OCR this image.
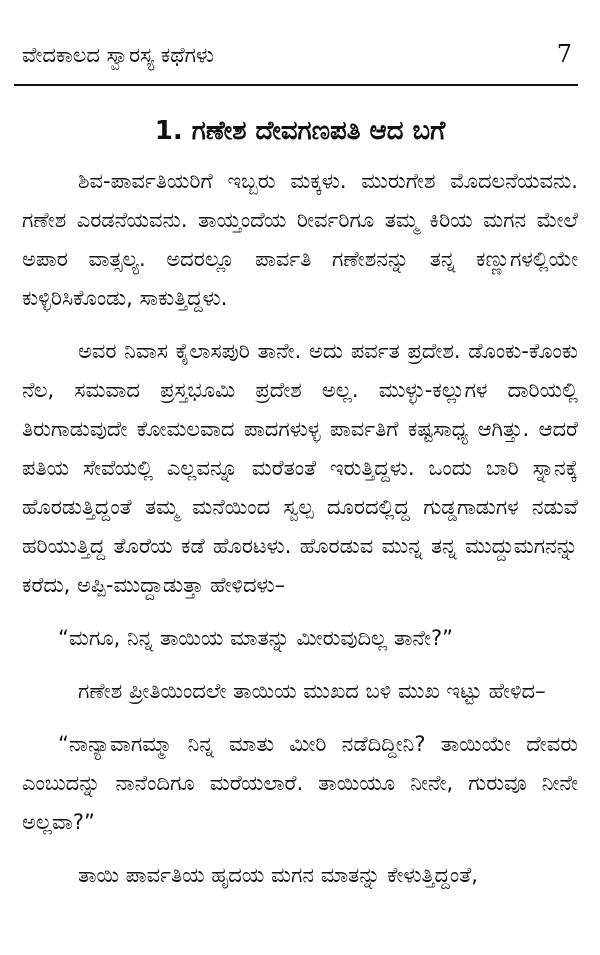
ವೇದಕಾಲದ ಸ್ವಾರಸ್ಯ ಕಥೆಗಳು	7
1. ಗಣೇಶ ದೇವಗಣಪತಿ ಆದ ಬಗೆ

ಶಿವ-ಪಾರ್ವತಿಯರಿಗೆ ಇಬ್ಬರು ಮಕ್ಕಳು. ಮುರುಗೇಶ ಮೊದಲನೆಯವನು. ಗಣೇಶ ಎರಡನೆಯವನು. ತಾಯ್ತಂದೆಯ ರೀರ್ವರಿಗೂ ತಮ್ಮ ಕಿರಿಯ ಮಗನ ಮೇಲೆ ಅಪಾರ ವಾತ್ಸಲ್ಯ. ಅದರಲ್ಲೂ ಪಾರ್ವತಿ ಗಣೇಶನನ್ನು ತನ್ನ ಕಣ್ಣುಗಳಲ್ಲಿಯೇ ಕುಳ್ಳಿರಿಸಿಕೊಂಡು, ಸಾಕುತ್ತಿದ್ದಳು.

ಅವರ ನಿವಾಸ ಕೈಲಾಸಪುರಿ ತಾನೇ. ಅದು ಪರ್ವತ ಪ್ರದೇಶ. ಡೊಂಕು-ಕೊಂಕು ನೆಲ, ಸಮವಾದ ಪ್ರಸ್ತಭೂಮಿ ಪ್ರದೇಶ ಅಲ್ಲ. ಮುಳ್ಳು-ಕಲ್ಲುಗಳ ದಾರಿಯಲ್ಲಿ ತಿರುಗಾಡುವುದೇ ಕೋಮಲವಾದ ಪಾದಗಳುಳ್ಳ ಪಾರ್ವತಿಗೆ ಕಷ್ಟಸಾಧ್ಯ ಆಗಿತ್ತು. ಆದರೆ ಪತಿಯ ಸೇವೆಯಲ್ಲಿ ಎಲ್ಲವನ್ನೂ ಮರೆತಂತೆ ಇರುತ್ತಿದ್ದಳು. ಒಂದು ಬಾರಿ ಸ್ನಾನಕ್ಕೆ ಹೊರಡುತ್ತಿದ್ದಂತೆ ತಮ್ಮ ಮನೆಯಿಂದ ಸ್ವಲ್ಪ ದೂರದಲ್ಲಿದ್ದ ಗುಡ್ಡಗಾಡುಗಳ ನಡುವೆ ಹರಿಯುತ್ತಿದ್ದ ತೊರೆಯ ಕಡೆ ಹೊರಟಳು. ಹೊರಡುವ ಮುನ್ನ ತನ್ನ ಮುದ್ದುಮಗನನ್ನು ಕರೆದು, ಅಪ್ಪಿ-ಮುದ್ದಾಡುತ್ತಾ ಹೇಳಿದಳು–

“ಮಗೂ, ನಿನ್ನ ತಾಯಿಯ ಮಾತನ್ನು ಮೀರುವುದಿಲ್ಲ ತಾನೇ?”

ಗಣೇಶ ಪ್ರೀತಿಯಿಂದಲೇ ತಾಯಿಯ ಮುಖದ ಬಳಿ ಮುಖ ಇಟ್ಟು ಹೇಳಿದ–

“ನಾನ್ಯಾವಾಗಮ್ಮಾ ನಿನ್ನ ಮಾತು ಮೀರಿ ನಡೆದಿದ್ದೀನಿ? ತಾಯಿಯೇ ದೇವರು ಎಂಬುದನ್ನು ನಾನೆಂದಿಗೂ ಮರೆಯಲಾರೆ. ತಾಯಿಯೂ ನೀನೇ, ಗುರುವೂ ನೀನೇ ಅಲ್ಲವಾ?”

ತಾಯಿ ಪಾರ್ವತಿಯ ಹೃದಯ ಮಗನ ಮಾತನ್ನು ಕೇಳುತ್ತಿದ್ದಂತೆ,
